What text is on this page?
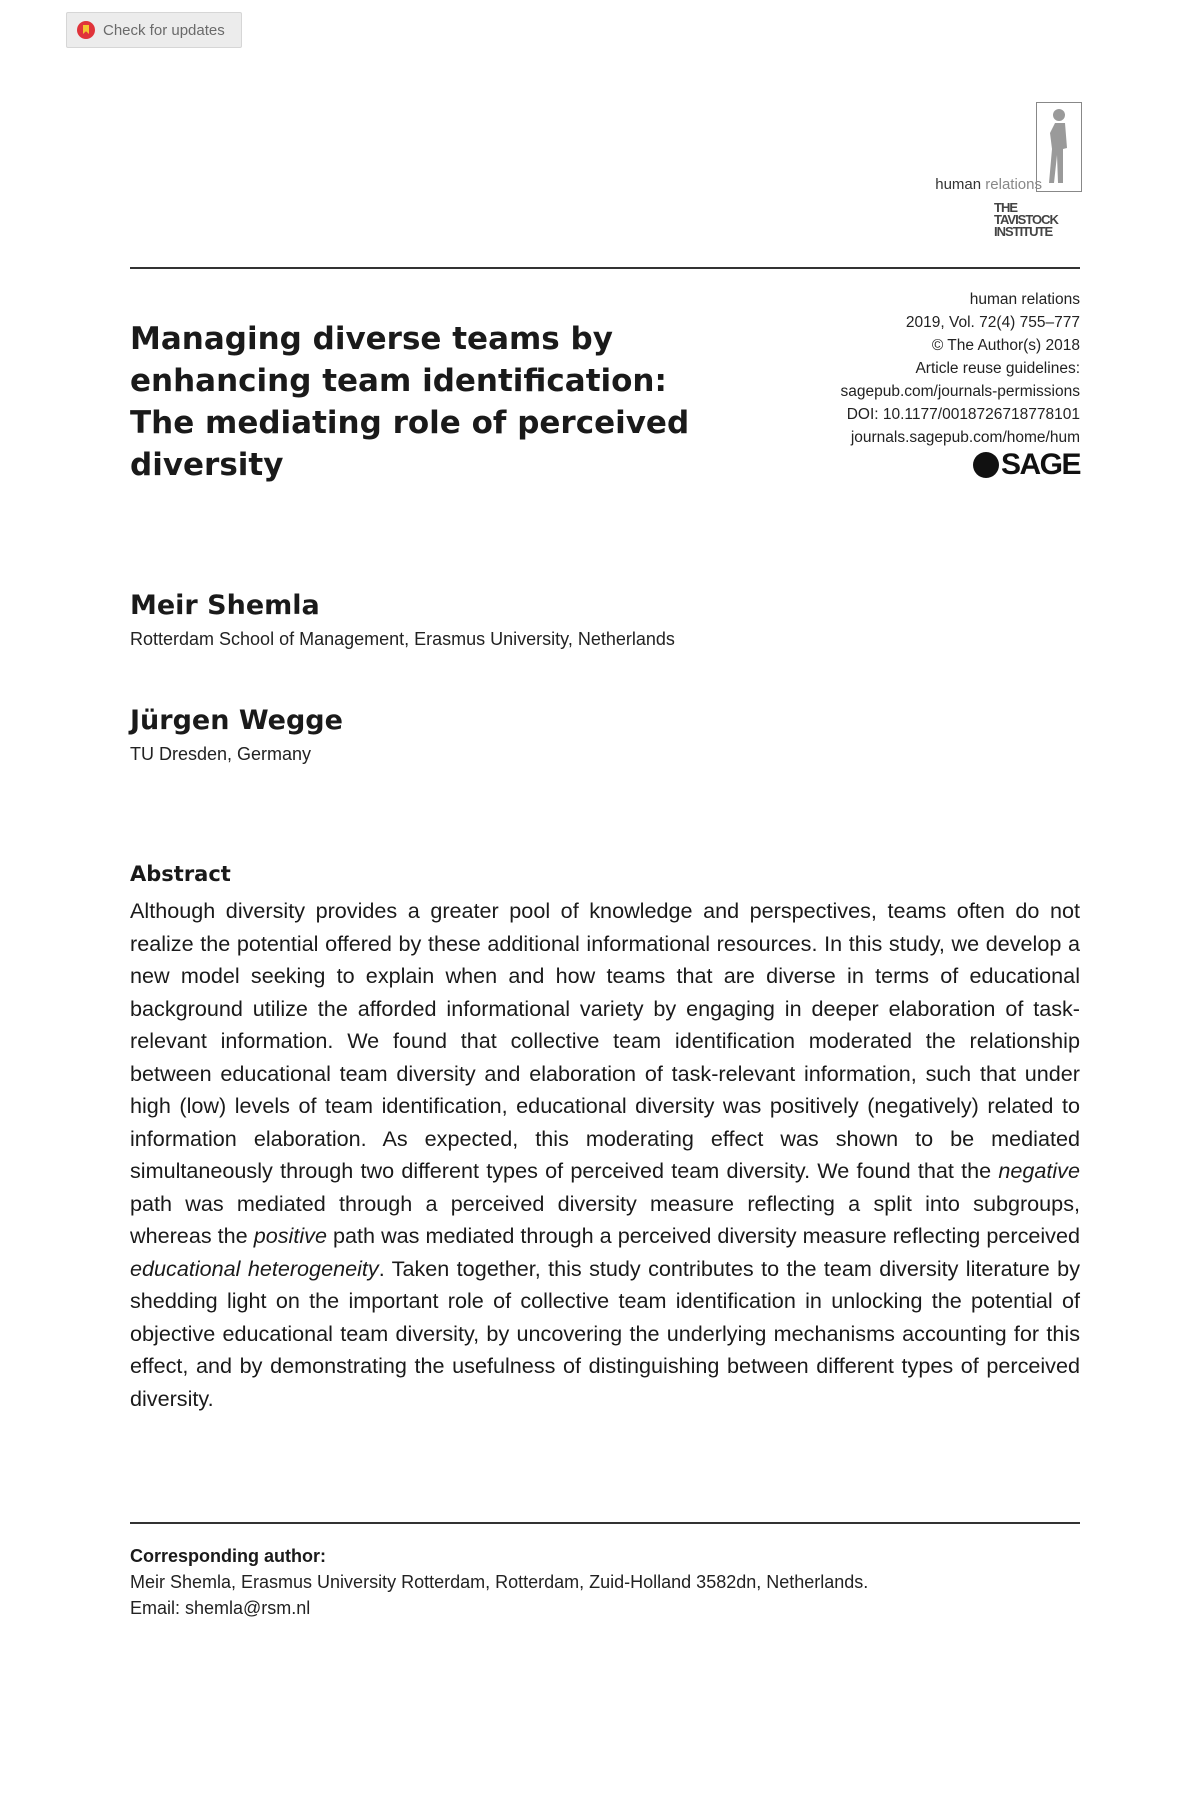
Check for updates
human relations
THE
TAVISTOCK
INSTITUTE
Managing diverse teams by
enhancing team identification:
The mediating role of perceived
diversity
human relations
2019, Vol. 72(4) 755–777
© The Author(s) 2018
Article reuse guidelines:
sagepub.com/journals-permissions
DOI: 10.1177/0018726718778101
journals.sagepub.com/home/hum
SAGE
Meir Shemla
Rotterdam School of Management, Erasmus University, Netherlands
Jürgen Wegge
TU Dresden, Germany
Abstract
Although diversity provides a greater pool of knowledge and perspectives, teams often do not realize the potential offered by these additional informational resources. In this study, we develop a new model seeking to explain when and how teams that are diverse in terms of educational background utilize the afforded informational variety by engaging in deeper elaboration of task-relevant information. We found that collective team identification moderated the relationship between educational team diversity and elaboration of task-relevant information, such that under high (low) levels of team identification, educational diversity was positively (negatively) related to information elaboration. As expected, this moderating effect was shown to be mediated simultaneously through two different types of perceived team diversity. We found that the negative path was mediated through a perceived diversity measure reflecting a split into subgroups, whereas the positive path was mediated through a perceived diversity measure reflecting perceived educational heterogeneity. Taken together, this study contributes to the team diversity literature by shedding light on the important role of collective team identification in unlocking the potential of objective educational team diversity, by uncovering the underlying mechanisms accounting for this effect, and by demonstrating the usefulness of distinguishing between different types of perceived diversity.
Corresponding author:
Meir Shemla, Erasmus University Rotterdam, Rotterdam, Zuid-Holland 3582dn, Netherlands.
Email: shemla@rsm.nl
